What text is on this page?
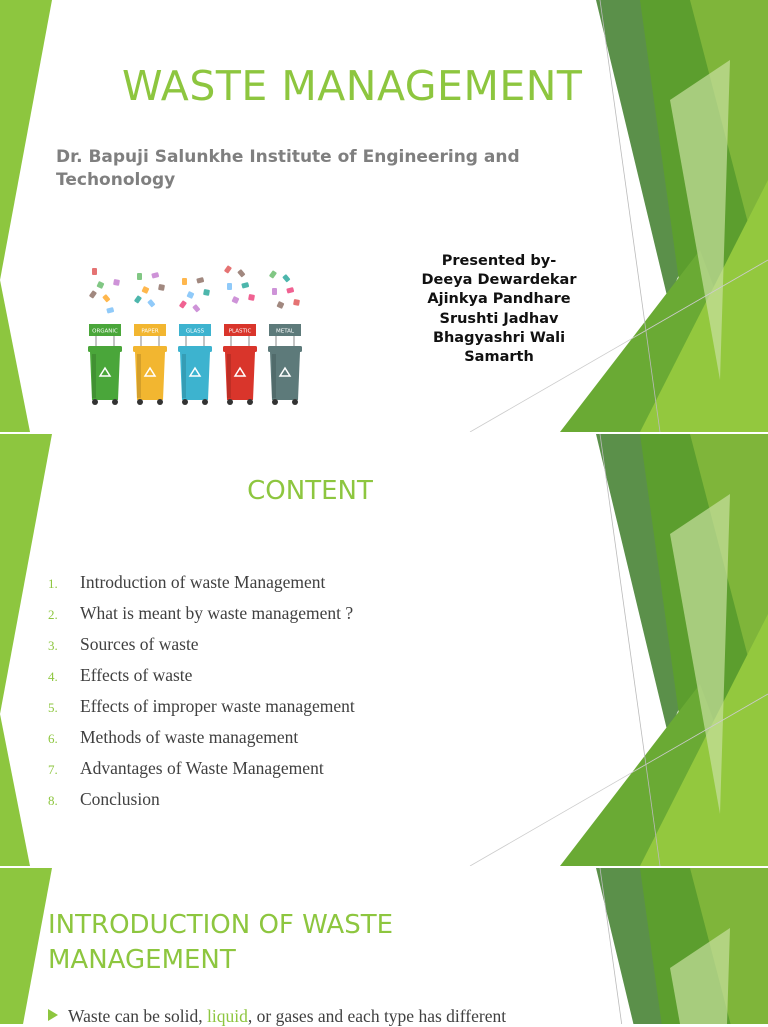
WASTE MANAGEMENT
Dr. Bapuji Salunkhe Institute of Engineering and Techonology
ORGANIC	PAPER	GLASS	PLASTIC	METAL
Presented by-
Deeya Dewardekar
Ajinkya Pandhare
Srushti Jadhav
Bhagyashri Wali
Samarth
CONTENT
1.	Introduction of waste Management
2.	What is meant by waste management ?
3.	Sources of waste
4.	Effects of waste
5.	Effects of improper waste management
6.	Methods of waste management
7.	Advantages of Waste Management
8.	Conclusion
INTRODUCTION OF WASTE MANAGEMENT
Waste can be solid, liquid, or gases and each type has different
